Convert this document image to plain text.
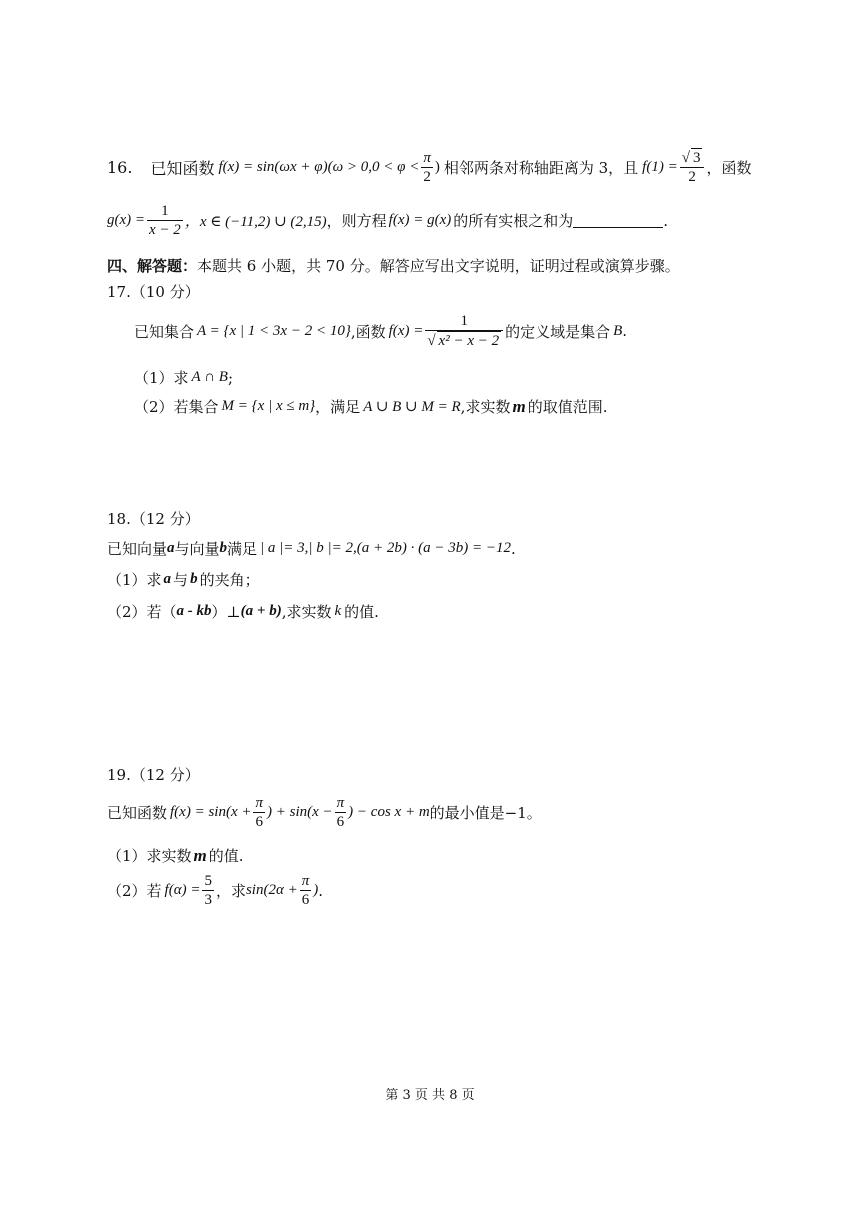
16. 已知函数 $f(x) = \sin(\omega x + \varphi)(\omega > 0,0 < \varphi < \frac{\pi}{2}$ ) 相邻两条对称轴距离为 3，且 $f(1) = \frac{√ 3}{2}$ ，函数
$g(x) = \frac{1}{x - 2}$ ，x ∈ (−11,2) ∪ (2,15) ，则方程 f(x) = g(x) 的所有实根之和为	.
四、解答题： 本题共 6 小题，共 70 分。解答应写出文字说明，证明过程或演算步骤。
17.（10 分）
已知集合 A = {x | 1 < 3x − 2 < 10} ,函数 $f(x) = \frac{1}{\text{√ x² − x − 2}}$ 的定义域是集合 B .
（1）求 A ∩ B ;
（2）若集合 M = {x | x ≤ m} ，满足 A ∪ B ∪ M = R ,求实数 m 的取值范围.
18.（12 分）
已知向量 a 与向量 b 满足 | a |= 3,| b |= 2,(a + 2b) · (a − 3b) = −12 .
（1）求 a 与 b 的夹角；
（2）若（ a - kb ）⊥ (a + b) ,求实数 k 的值.
19.（12 分）
已知函数 $f(x) = \sin(x + \frac{\pi}{6}$ ) + $\sin(x - \frac{\pi}{6}$ ) − cos x + m 的最小值是−1。
（1）求实数 m 的值.
（2）若 $f(\alpha) = \frac{5}{3}$ ，求 $\sin(2\alpha + \frac{\pi}{6}$ ) .
第 3 页 共 8 页
